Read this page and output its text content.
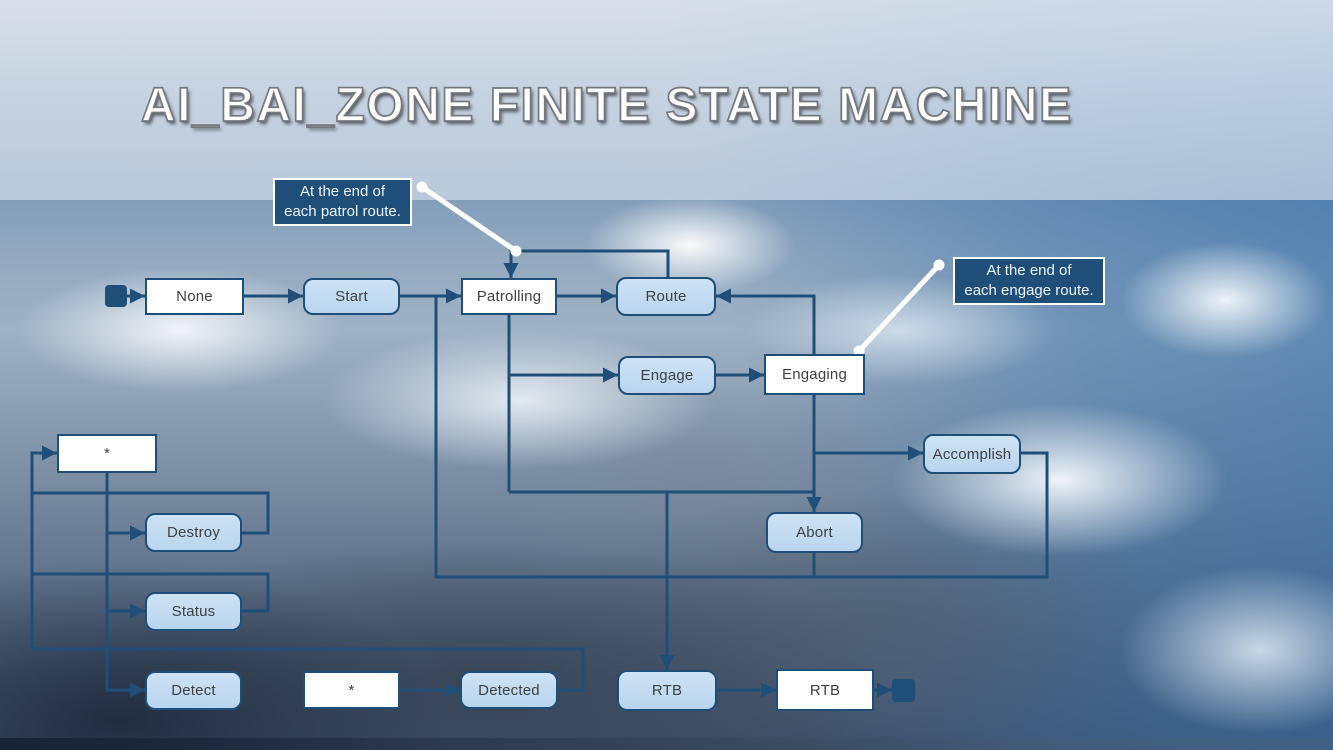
AI_BAI_ZONE FINITE STATE MACHINE
None	Start	Patrolling	Route
Engage	Engaging
Accomplish
Abort
*
Destroy
Status
Detect	*	Detected	RTB	RTB
At the end of
each patrol route.
At the end of
each engage route.
